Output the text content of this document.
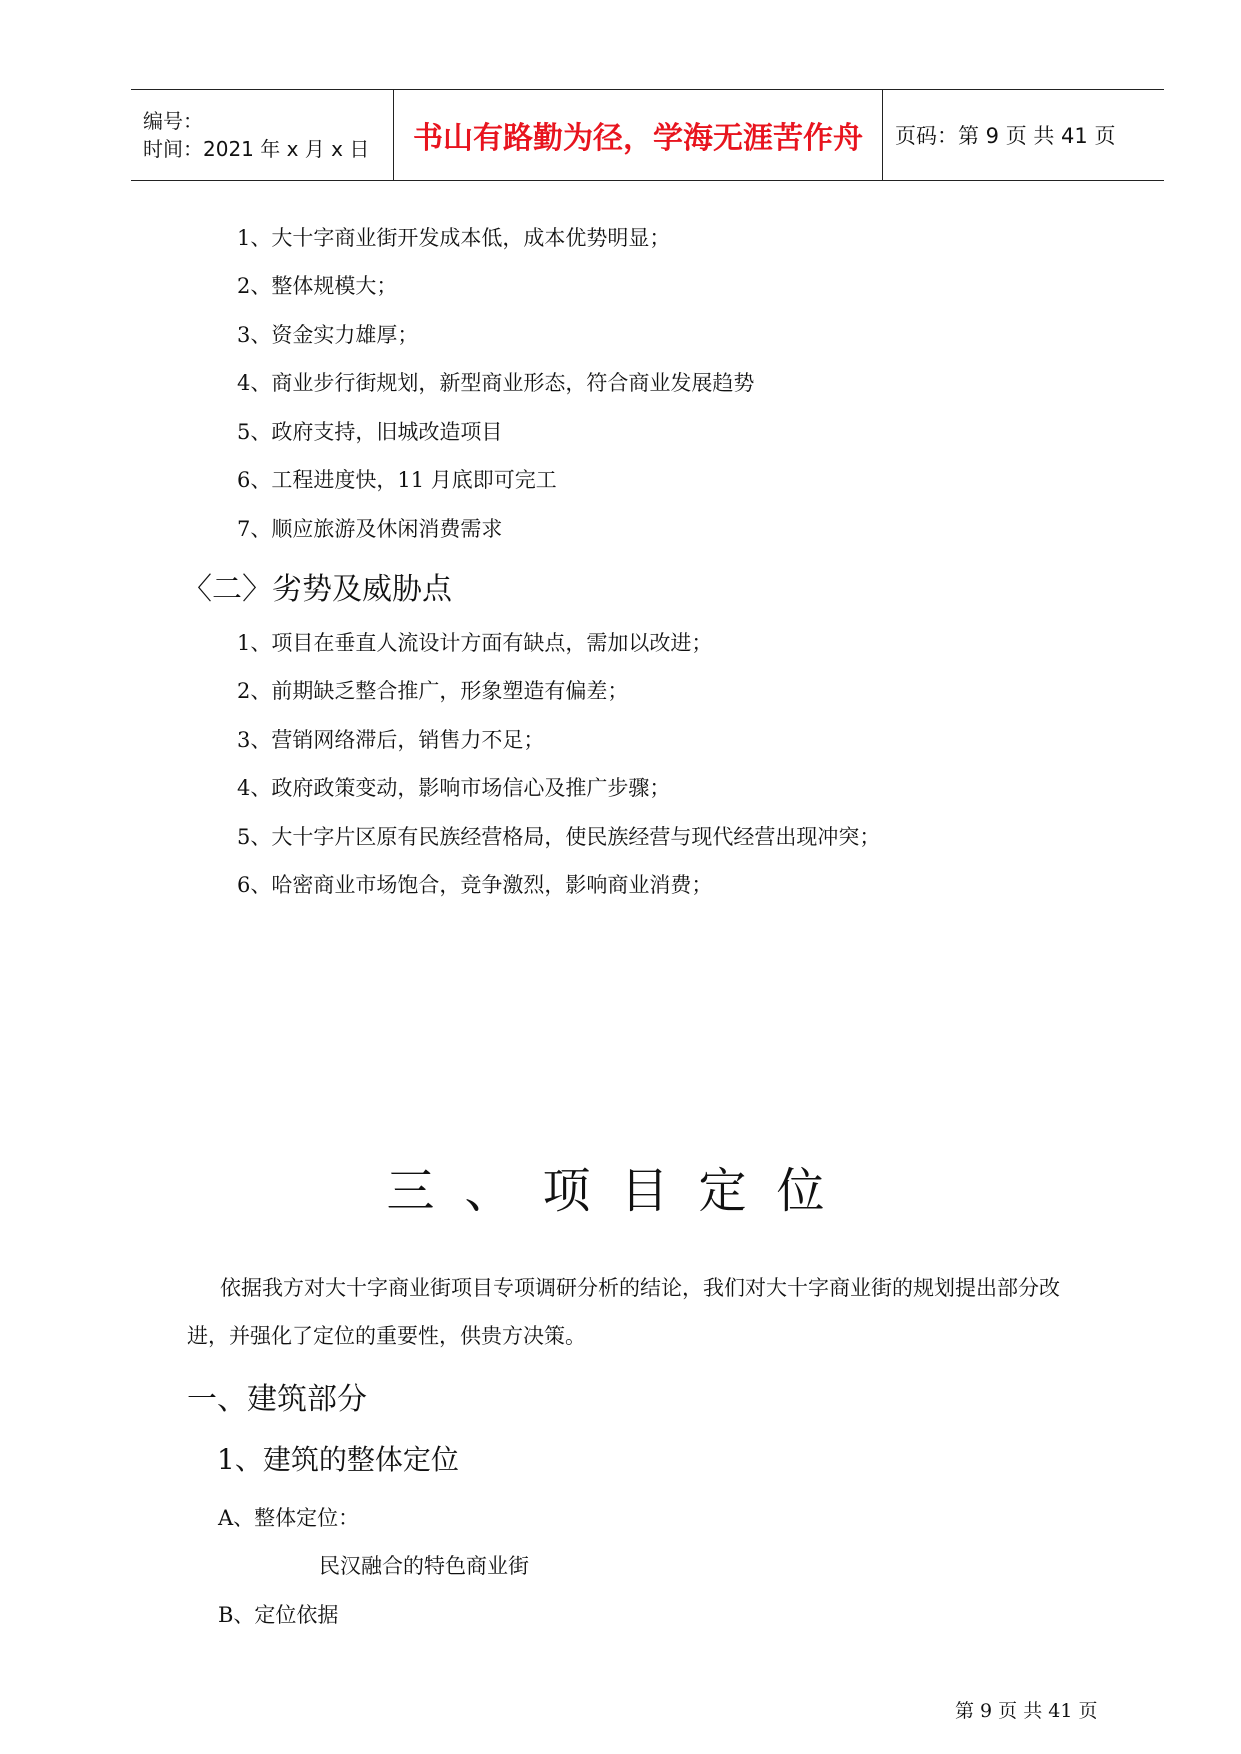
编号：
时间：2021 年 x 月 x 日	书山有路勤为径，学海无涯苦作舟 页码：第 9 页 共 41 页
1、大十字商业街开发成本低，成本优势明显；
2、整体规模大；
3、资金实力雄厚；
4、商业步行街规划，新型商业形态，符合商业发展趋势
5、政府支持，旧城改造项目
6、工程进度快，11 月底即可完工
7、顺应旅游及休闲消费需求
〈二〉劣势及威胁点
1、项目在垂直人流设计方面有缺点，需加以改进；
2、前期缺乏整合推广，形象塑造有偏差；
3、营销网络滞后，销售力不足；
4、政府政策变动，影响市场信心及推广步骤；
5、大十字片区原有民族经营格局，使民族经营与现代经营出现冲突；
6、哈密商业市场饱合，竞争激烈，影响商业消费；
三、项目定位
依据我方对大十字商业街项目专项调研分析的结论，我们对大十字商业街的规划提出部分改
进，并强化了定位的重要性，供贵方决策。
一、建筑部分
1、建筑的整体定位
A、整体定位：
民汉融合的特色商业街
B、定位依据
第 9 页 共 41 页
